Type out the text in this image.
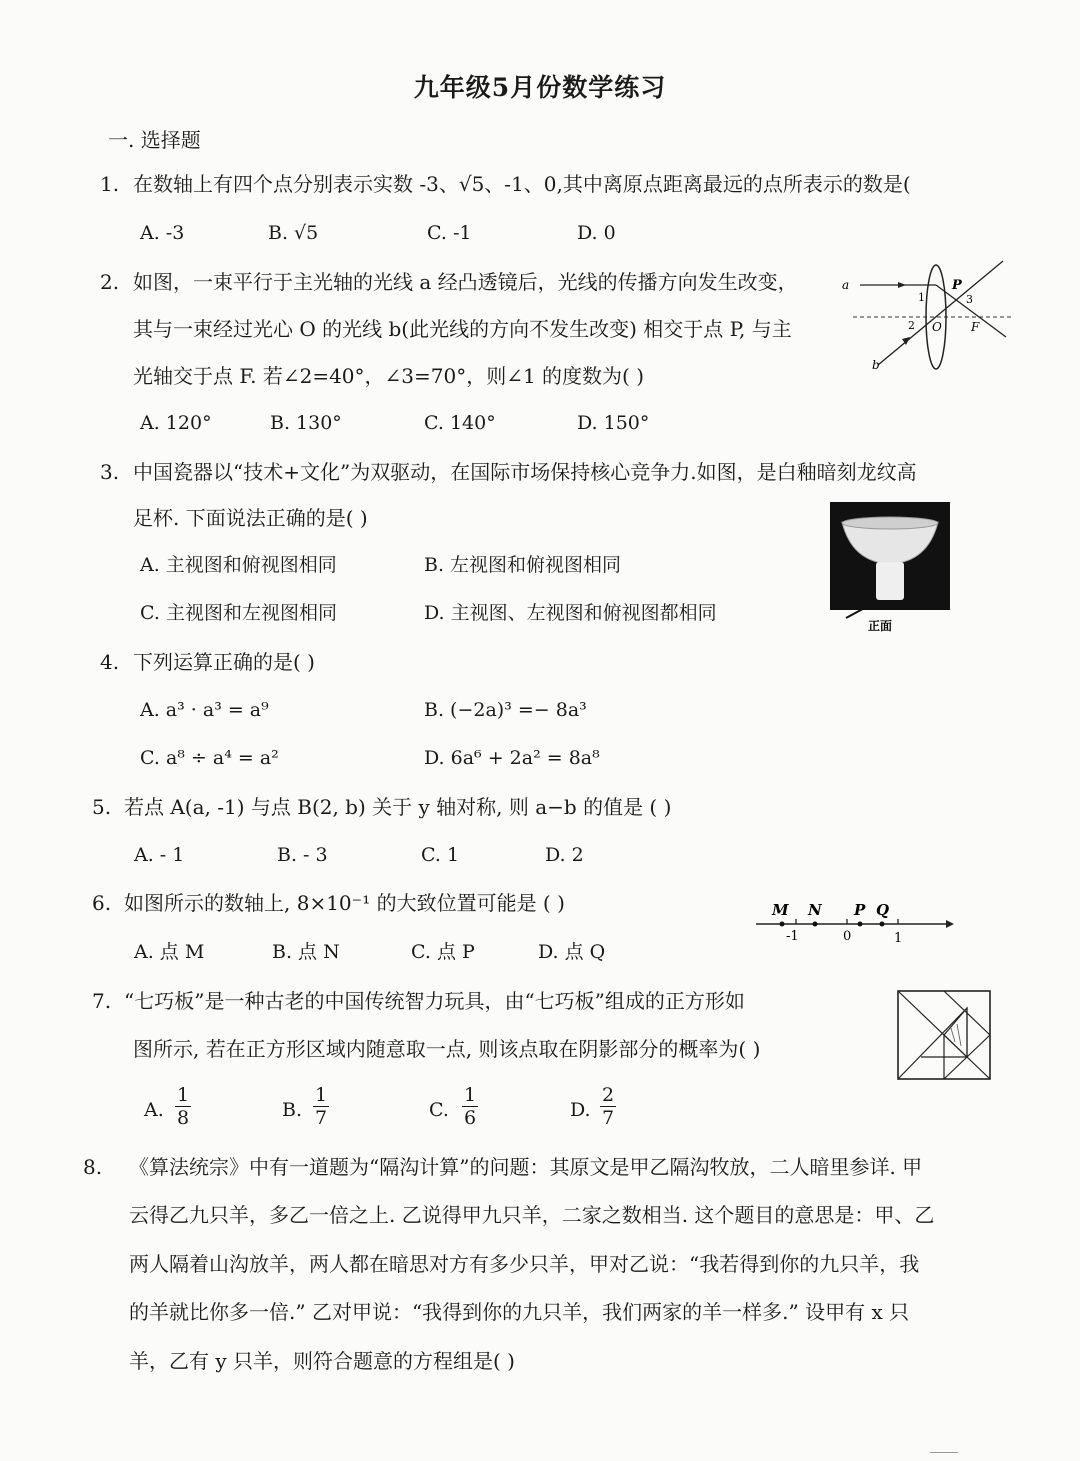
九年级5月份数学练习
一. 选择题
1. 在数轴上有四个点分别表示实数 -3、√5、-1、0,其中离原点距离最远的点所表示的数是(
A. -3	B. √5	C. -1	D. 0
2. 如图，一束平行于主光轴的光线 a 经凸透镜后，光线的传播方向发生改变，
其与一束经过光心 O 的光线 b(此光线的方向不发生改变) 相交于点 P, 与主
光轴交于点 F. 若∠2=40°，∠3=70°，则∠1 的度数为( )
A. 120°	B. 130°	C. 140°	D. 150°
a	P
1	3
2 O F
b
3. 中国瓷器以“技术+文化”为双驱动，在国际市场保持核心竞争力.如图，是白釉暗刻龙纹高
足杯. 下面说法正确的是( )
A. 主视图和俯视图相同	B. 左视图和俯视图相同
C. 主视图和左视图相同	D. 主视图、左视图和俯视图都相同
正面
4. 下列运算正确的是( )
A. a³ · a³ = a⁹	B. (−2a)³ =− 8a³
C. a⁸ ÷ a⁴ = a²	D. 6a⁶ + 2a² = 8a⁸
5. 若点 A(a, -1) 与点 B(2, b) 关于 y 轴对称, 则 a−b 的值是 ( )
A. - 1	B. - 3	C. 1	D. 2
6. 如图所示的数轴上, 8×10⁻¹ 的大致位置可能是 ( )
A. 点 M	B. 点 N	C. 点 P	D. 点 Q
M N P Q
-1	0	1
7. “七巧板”是一种古老的中国传统智力玩具，由“七巧板”组成的正方形如
图所示, 若在正方形区域内随意取一点, 则该点取在阴影部分的概率为( )
A. $\frac{1}{8}$	B. $\frac{1}{7}$	C. $\frac{1}{6}$	D. $\frac{2}{7}$
8. 《算法统宗》中有一道题为“隔沟计算”的问题：其原文是甲乙隔沟牧放，二人暗里参详. 甲
云得乙九只羊，多乙一倍之上. 乙说得甲九只羊，二家之数相当. 这个题目的意思是：甲、乙
两人隔着山沟放羊，两人都在暗思对方有多少只羊，甲对乙说：“我若得到你的九只羊，我
的羊就比你多一倍.” 乙对甲说：“我得到你的九只羊，我们两家的羊一样多.” 设甲有 x 只
羊，乙有 y 只羊，则符合题意的方程组是( )
